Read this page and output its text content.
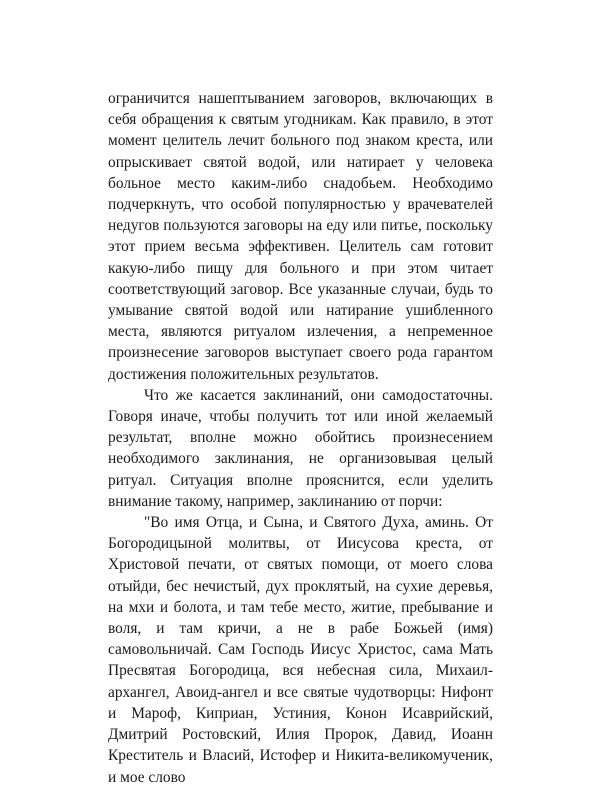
ограничится нашептыванием заговоров, включающих в себя обращения к святым угодникам. Как правило, в этот момент целитель лечит больного под знаком креста, или опрыскивает святой водой, или натирает у человека больное место каким-либо снадобьем. Необходимо подчеркнуть, что особой популярностью у врачевателей недугов пользуются заговоры на еду или питье, поскольку этот прием весьма эффективен. Целитель сам готовит какую-либо пищу для больного и при этом читает соответствующий заговор. Все указанные случаи, будь то умывание святой водой или натирание ушибленного места, являются ритуалом излечения, а непременное произнесение заговоров выступает своего рода гарантом достижения положительных результатов.

Что же касается заклинаний, они самодостаточны. Говоря иначе, чтобы получить тот или иной желаемый результат, вполне можно обойтись произнесением необходимого заклинания, не организовывая целый ритуал. Ситуация вполне прояснится, если уделить внимание такому, например, заклинанию от порчи:

"Во имя Отца, и Сына, и Святого Духа, аминь. От Богородицыной молитвы, от Иисусова креста, от Христовой печати, от святых помощи, от моего слова отыйди, бес нечистый, дух проклятый, на сухие деревья, на мхи и болота, и там тебе место, житие, пребывание и воля, и там кричи, а не в рабе Божьей (имя) самовольничай. Сам Господь Иисус Христос, сама Мать Пресвятая Богородица, вся небесная сила, Михаил-архангел, Авоид-ангел и все святые чудотворцы: Нифонт и Мароф, Киприан, Устиния, Конон Исаврийский, Дмитрий Ростовский, Илия Пророк, Давид, Иоанн Креститель и Власий, Истофер и Никита-великомученик, и мое слово
